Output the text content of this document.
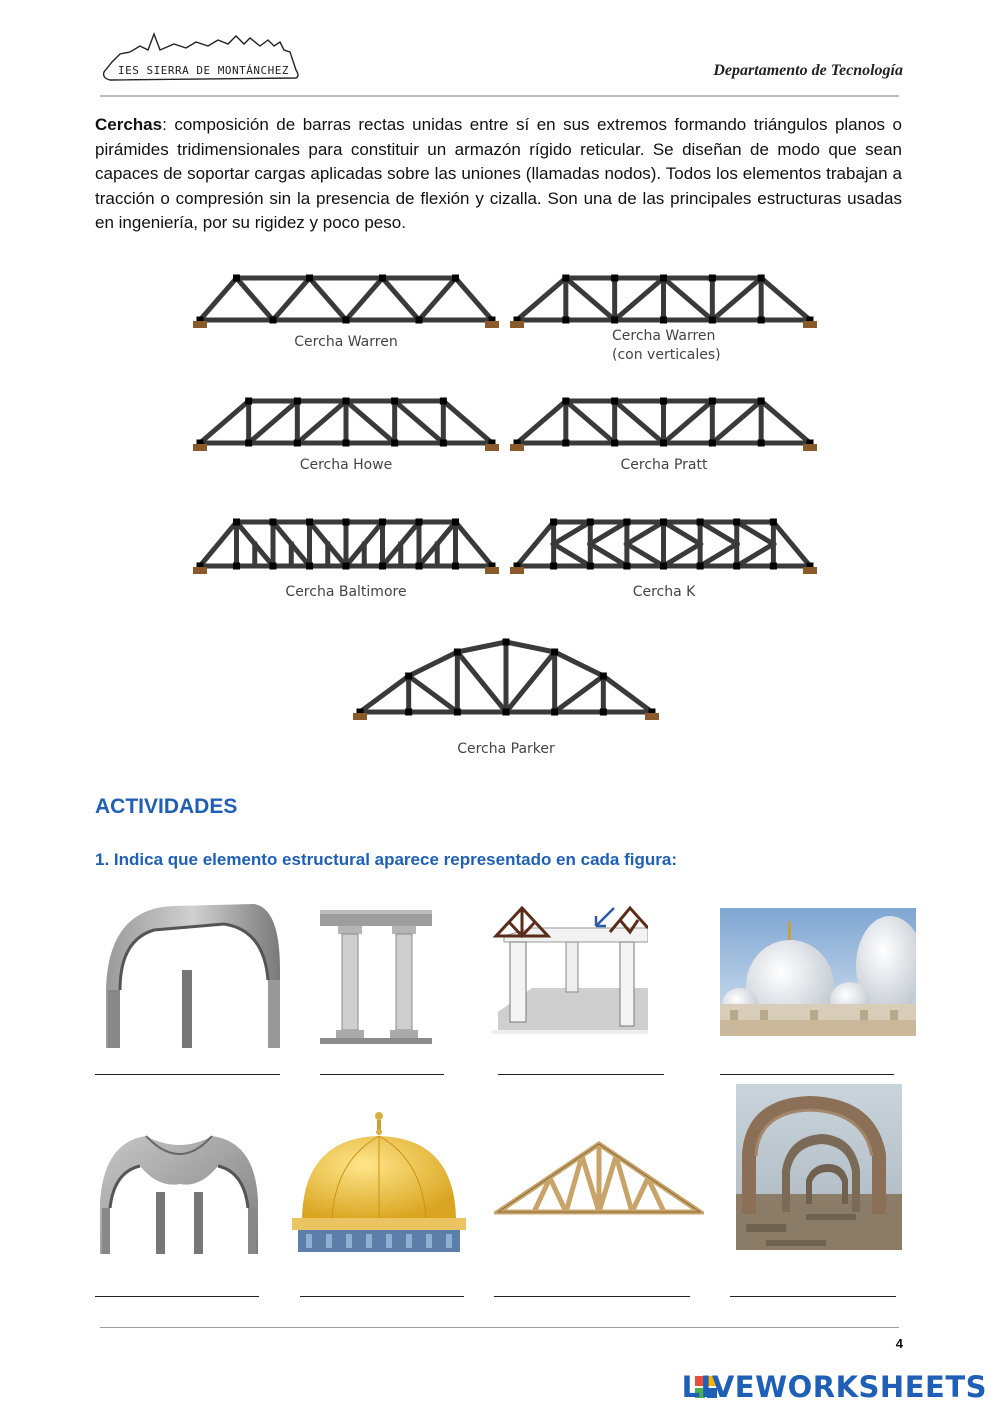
IES SIERRA DE MONTÁNCHEZ	Departamento de Tecnología
Cerchas: composición de barras rectas unidas entre sí en sus extremos formando triángulos planos o pirámides tridimensionales para constituir un armazón rígido reticular. Se diseñan de modo que sean capaces de soportar cargas aplicadas sobre las uniones (llamadas nodos). Todos los elementos trabajan a tracción o compresión sin la presencia de flexión y cizalla. Son una de las principales estructuras usadas en ingeniería, por su rigidez y poco peso.
Cercha Warren	Cercha Warren
(con verticales)
Cercha Howe	Cercha Pratt
Cercha Baltimore	Cercha K
Cercha Parker
ACTIVIDADES
1. Indica que elemento estructural aparece representado en cada figura:
4
LIVEWORKSHEETS
